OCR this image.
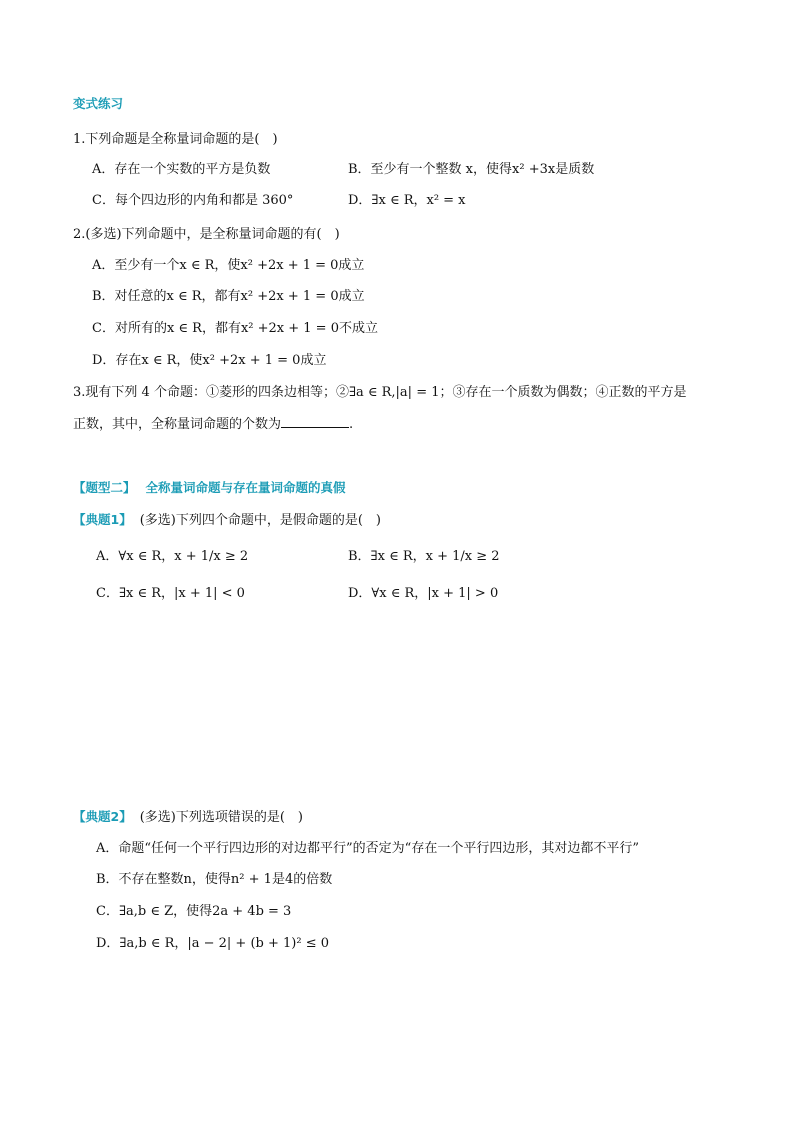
变式练习
1.下列命题是全称量词命题的是(　)
A．存在一个实数的平方是负数	B．至少有一个整数 x，使得x² +3x是质数
C．每个四边形的内角和都是 360°	D．∃x ∈ R，x² = x
2.(多选)下列命题中，是全称量词命题的有(　)
A．至少有一个x ∈ R，使x² +2x + 1 = 0成立
B．对任意的x ∈ R，都有x² +2x + 1 = 0成立
C．对所有的x ∈ R，都有x² +2x + 1 = 0不成立
D．存在x ∈ R，使x² +2x + 1 = 0成立
3.现有下列 4 个命题：①菱形的四条边相等；②∃a ∈ R,|a| = 1；③存在一个质数为偶数；④正数的平方是
正数，其中，全称量词命题的个数为	.
【题型二】 全称量词命题与存在量词命题的真假
【典题1】 (多选)下列四个命题中，是假命题的是(　)
A．∀x ∈ R，x + 1/x ≥ 2	B．∃x ∈ R，x + 1/x ≥ 2
C．∃x ∈ R，|x + 1| < 0	D．∀x ∈ R，|x + 1| > 0
【典题2】 (多选)下列选项错误的是(　)
A．命题“任何一个平行四边形的对边都平行”的否定为“存在一个平行四边形，其对边都不平行”
B．不存在整数n，使得n² + 1是4的倍数
C．∃a,b ∈ Z，使得2a + 4b = 3
D．∃a,b ∈ R，|a − 2| + (b + 1)² ≤ 0
